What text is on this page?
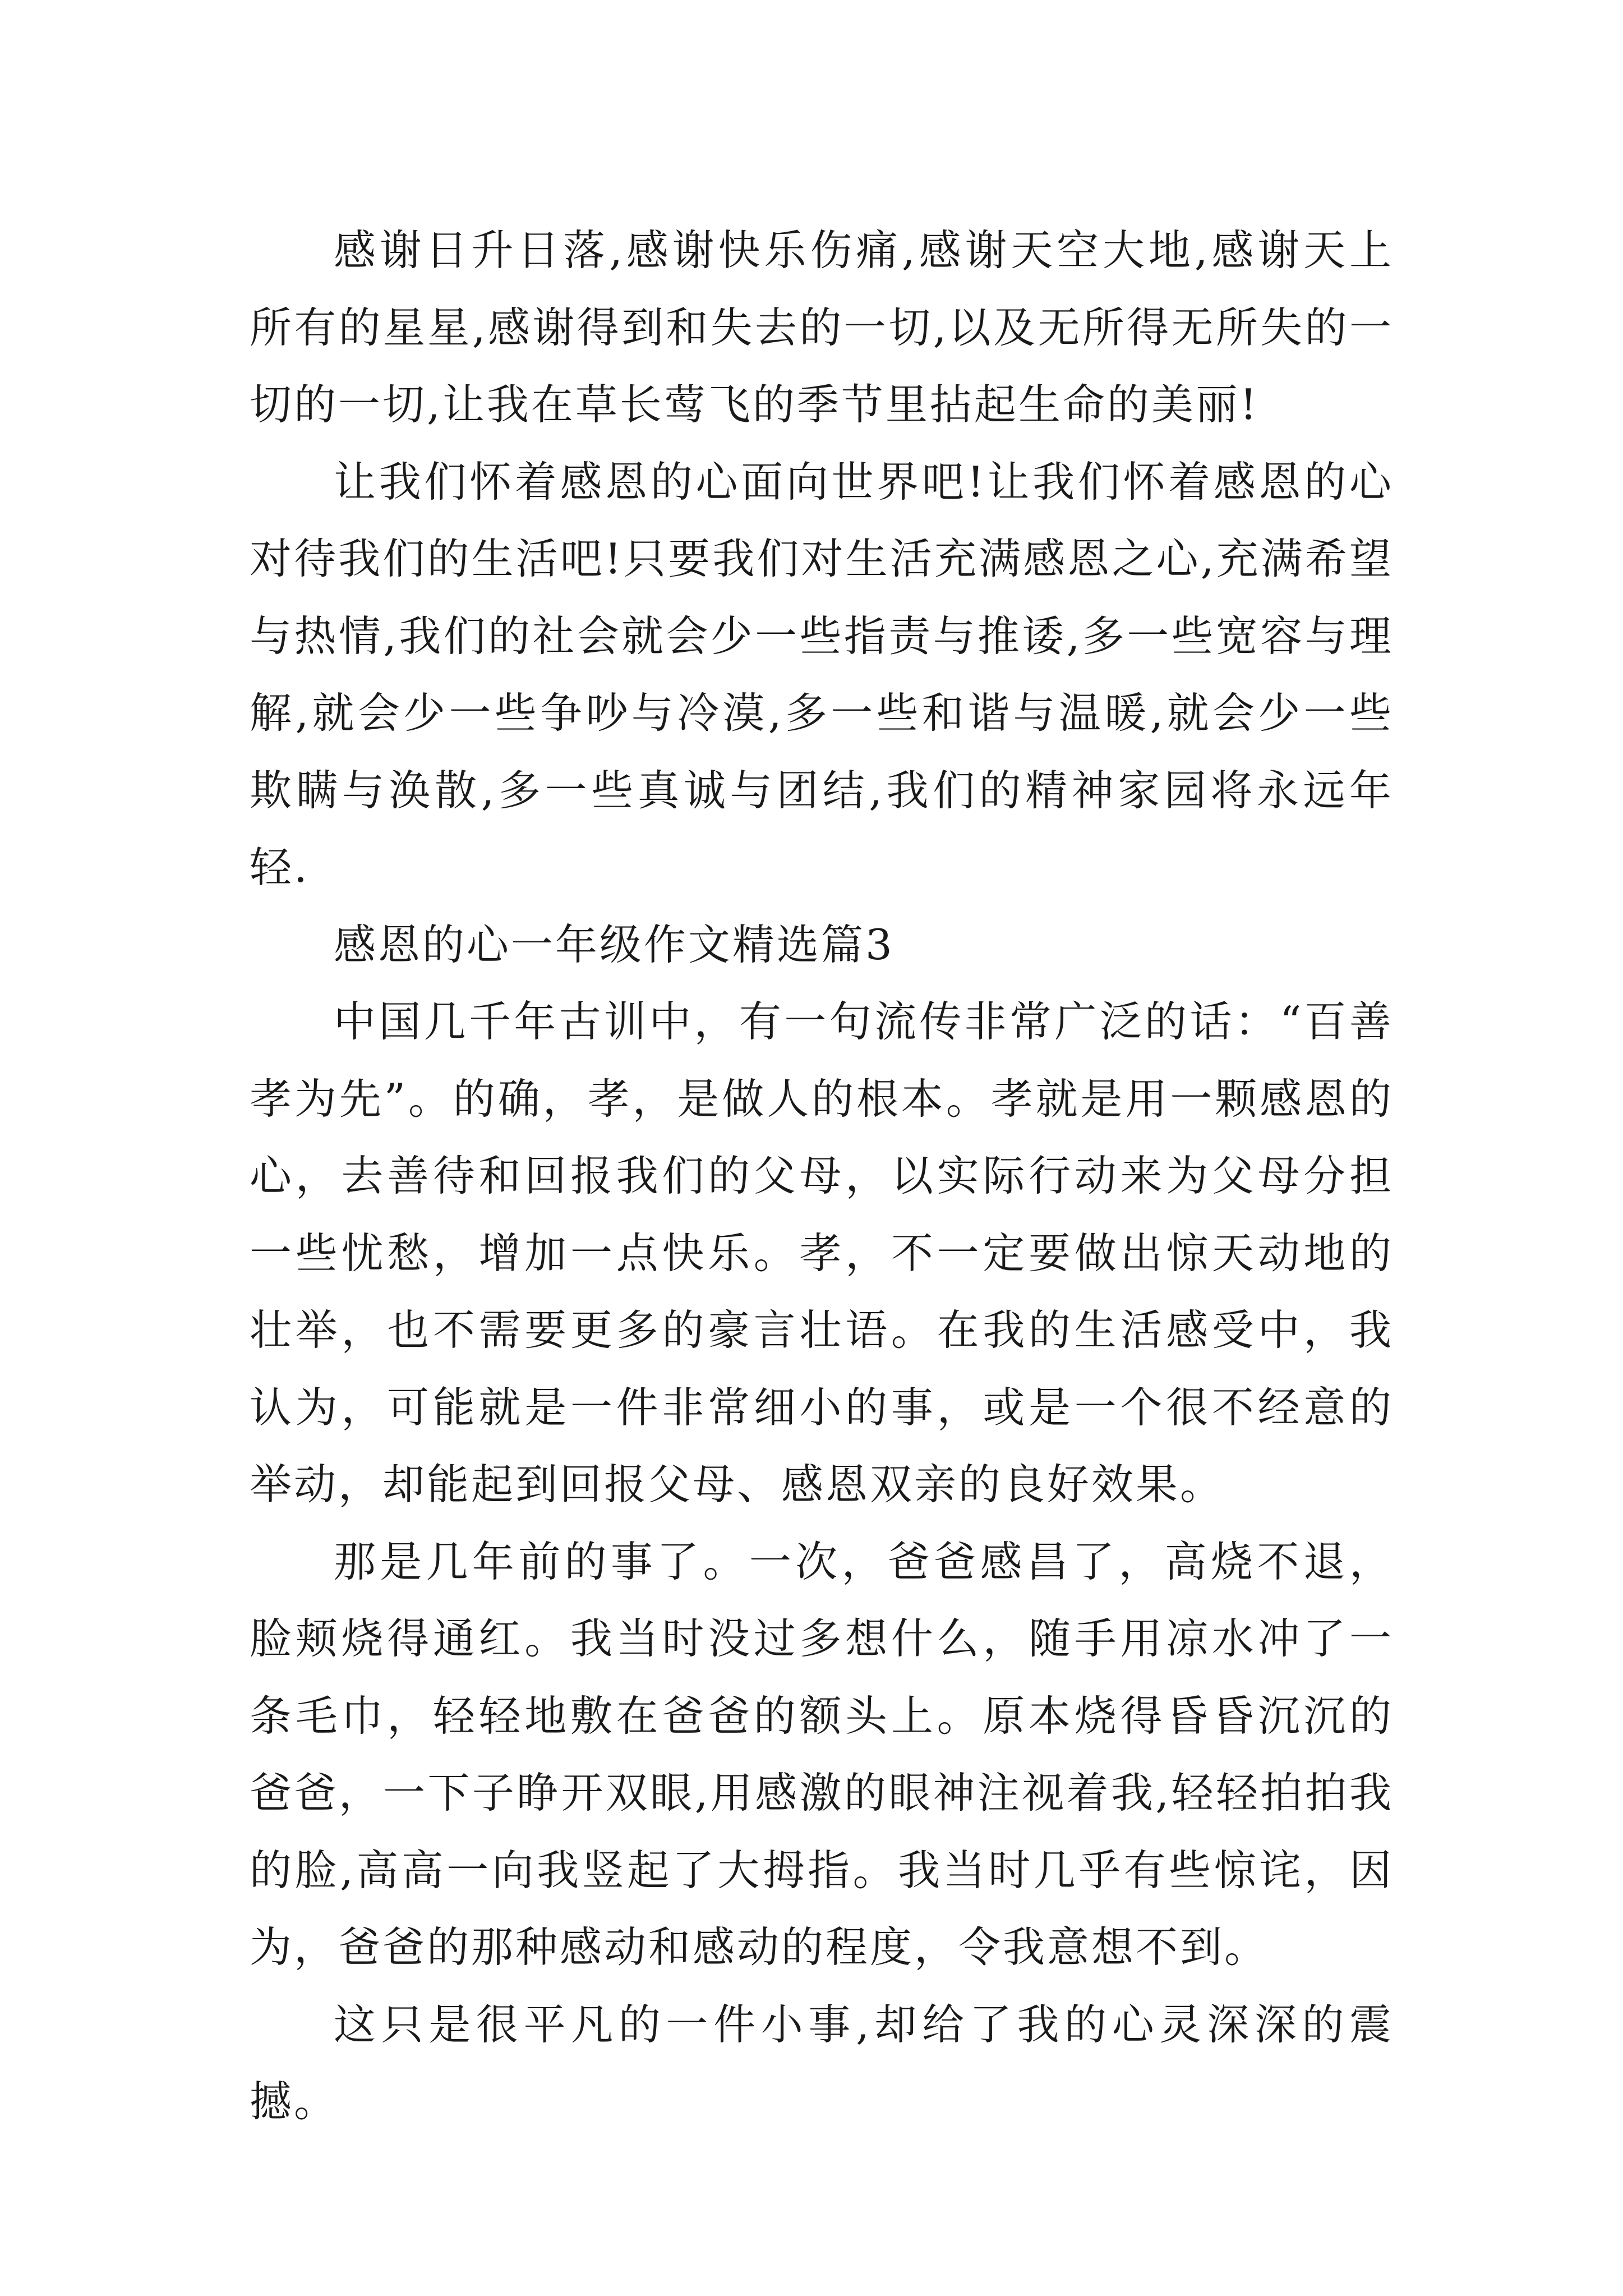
感谢日升日落,感谢快乐伤痛,感谢天空大地,感谢天上所有的星星,感谢得到和失去的一切,以及无所得无所失的一切的一切,让我在草长莺飞的季节里拈起生命的美丽!

让我们怀着感恩的心面向世界吧!让我们怀着感恩的心对待我们的生活吧!只要我们对生活充满感恩之心,充满希望与热情,我们的社会就会少一些指责与推诿,多一些宽容与理解,就会少一些争吵与冷漠,多一些和谐与温暖,就会少一些欺瞒与涣散,多一些真诚与团结,我们的精神家园将永远年轻.

感恩的心一年级作文精选篇3

中国几千年古训中，有一句流传非常广泛的话：“百善孝为先”。的确，孝，是做人的根本。孝就是用一颗感恩的心，去善待和回报我们的父母，以实际行动来为父母分担一些忧愁，增加一点快乐。孝，不一定要做出惊天动地的壮举，也不需要更多的豪言壮语。在我的生活感受中，我认为，可能就是一件非常细小的事，或是一个很不经意的举动，却能起到回报父母、感恩双亲的良好效果。

那是几年前的事了。一次，爸爸感昌了，高烧不退，脸颊烧得通红。我当时没过多想什么，随手用凉水冲了一条毛巾，轻轻地敷在爸爸的额头上。原本烧得昏昏沉沉的爸爸，一下子睁开双眼,用感激的眼神注视着我,轻轻拍拍我的脸,高高一向我竖起了大拇指。我当时几乎有些惊诧，因为，爸爸的那种感动和感动的程度，令我意想不到。

这只是很平凡的一件小事,却给了我的心灵深深的震撼。
